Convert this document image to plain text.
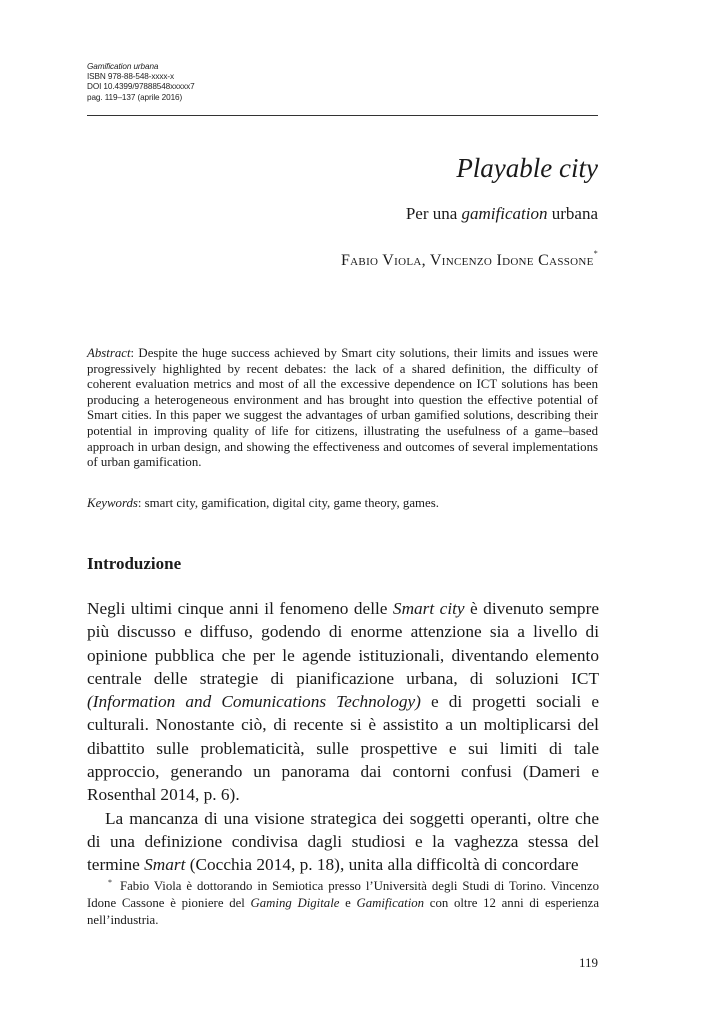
Gamification urbana
ISBN 978-88-548-xxxx-x
DOI 10.4399/97888548xxxxx7
pag. 119–137 (aprile 2016)
Playable city
Per una gamification urbana
Fabio Viola, Vincenzo Idone Cassone*
Abstract: Despite the huge success achieved by Smart city solutions, their limits and issues were progressively highlighted by recent debates: the lack of a shared definition, the difficulty of coherent evaluation metrics and most of all the excessive dependence on ICT solutions has been producing a heterogeneous environment and has brought into question the effective potential of Smart cities. In this paper we suggest the advantages of urban gamified solutions, describing their potential in improving quality of life for citizens, illustrating the usefulness of a game–based approach in urban design, and showing the effectiveness and outcomes of several implementations of urban gamification.
Keywords: smart city, gamification, digital city, game theory, games.
Introduzione

Negli ultimi cinque anni il fenomeno delle Smart city è divenuto sempre più discusso e diffuso, godendo di enorme attenzione sia a livello di opinione pubblica che per le agende istituzionali, diventando elemento centrale delle strategie di pianificazione urbana, di soluzioni ICT (Information and Comunications Technology) e di progetti sociali e culturali. Nonostante ciò, di recente si è assistito a un moltiplicarsi del dibattito sulle problematicità, sulle prospettive e sui limiti di tale approccio, generando un panorama dai contorni confusi (Dameri e Rosenthal 2014, p. 6).

La mancanza di una visione strategica dei soggetti operanti, oltre che di una definizione condivisa dagli studiosi e la vaghezza stessa del termine Smart (Cocchia 2014, p. 18), unita alla difficoltà di concordare

* Fabio Viola è dottorando in Semiotica presso l’Università degli Studi di Torino. Vincenzo Idone Cassone è pioniere del Gaming Digitale e Gamification con oltre 12 anni di esperienza nell’industria.
119
